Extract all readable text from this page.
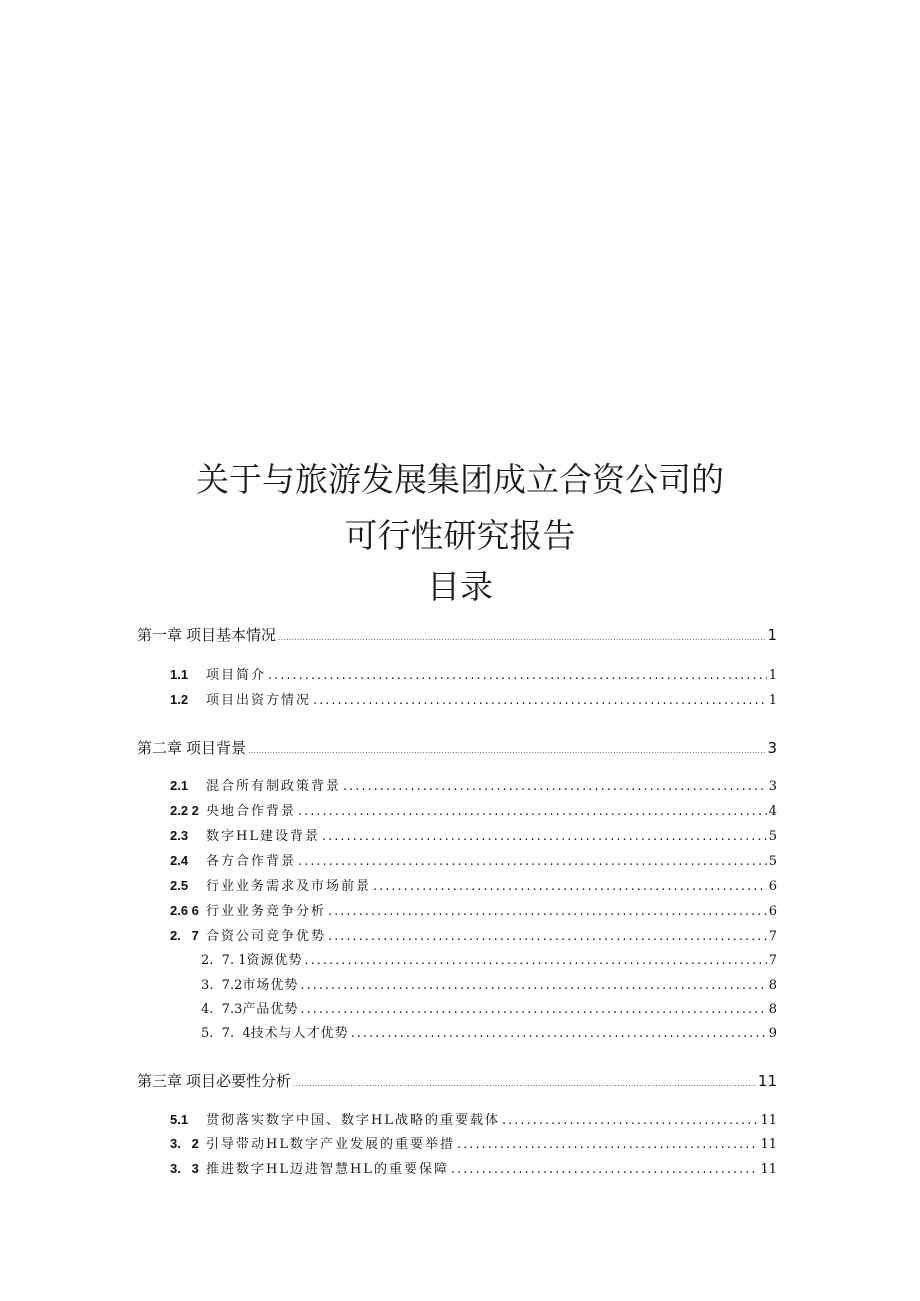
关于与旅游发展集团成立合资公司的
可行性研究报告
目录
第一章 项目基本情况 .....	1
1.1	项目简介 .....	1
1.2	项目出资方情况 .....	1
第二章 项目背景 .....	3
2.1	混合所有制政策背景 .....	3
2.2 2 央地合作背景 .....	4
2.3	数字HL建设背景 .....	5
2.4	各方合作背景 .....	5
2.5	行业业务需求及市场前景 .....	6
2.6 6 行业业务竞争分析 .....	6
2.   7 合资公司竞争优势 .....	7
2.  7. 1 资源优势 .....	7
3.  7.2 市场优势 .....	8
4.  7.3 产品优势 .....	8
5.  7.  4 技术与人才优势 .....	9
第三章 项目必要性分析 .....	11
5.1	贯彻落实数字中国、数字HL战略的重要载体 .....	11
3.   2 引导带动HL数字产业发展的重要举措 .....	11
3.   3 推进数字HL迈进智慧HL的重要保障 .....	11
